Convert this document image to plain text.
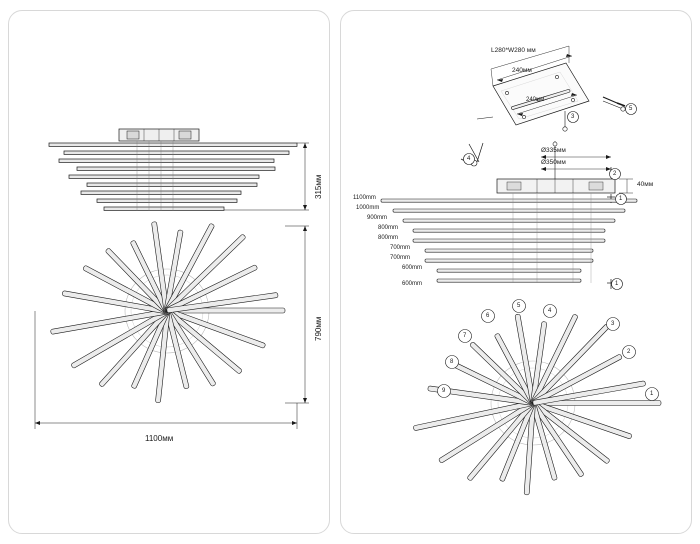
315мм
790мм
1100мм
L280*W280 мм
240мм
240мм
Ø335мм
Ø350мм
40мм
1100mm
1000mm
900mm
800mm
800mm
700mm
700mm
600mm
600mm
5
4
3
2
1
6
7
8
9
3
5
4
2
1
1
